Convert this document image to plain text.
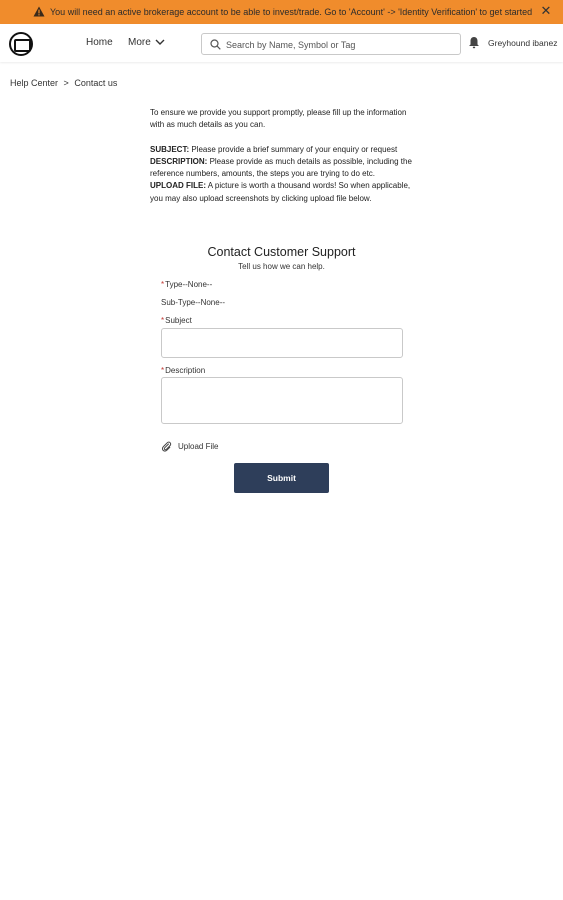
You will need an active brokerage account to be able to invest/trade. Go to 'Account' -> 'Identity Verification' to get started ✕
Home More
Search by Name, Symbol or Tag	Greyhound ibanez
Help Center > Contact us

To ensure we provide you support promptly, please fill up the information with as much details as you can.

SUBJECT: Please provide a brief summary of your enquiry or request
DESCRIPTION: Please provide as much details as possible, including the reference numbers, amounts, the steps you are trying to do etc.
UPLOAD FILE: A picture is worth a thousand words! So when applicable, you may also upload screenshots by clicking upload file below.
Contact Customer Support
Tell us how we can help.
*Type--None--
Sub-Type--None--
*Subject
*Description
Upload File
Submit
